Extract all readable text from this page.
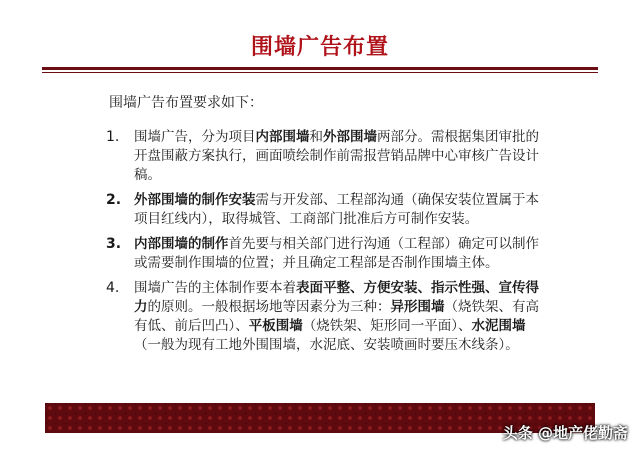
围墙广告布置
围墙广告布置要求如下：
1.	围墙广告，分为项目内部围墙和外部围墙两部分。需根据集团审批的开盘围蔽方案执行，画面喷绘制作前需报营销品牌中心审核广告设计稿。
2. 外部围墙的制作安装需与开发部、工程部沟通（确保安装位置属于本项目红线内），取得城管、工商部门批准后方可制作安装。
3. 内部围墙的制作首先要与相关部门进行沟通（工程部）确定可以制作或需要制作围墙的位置；并且确定工程部是否制作围墙主体。
4.	围墙广告的主体制作要本着表面平整、方便安装、指示性强、宣传得力的原则。一般根据场地等因素分为三种：异形围墙（烧铁架、有高有低、前后凹凸）、平板围墙（烧铁架、矩形同一平面）、水泥围墙（一般为现有工地外围围墙，水泥底、安装喷画时要压木线条）。
头条 @地产佬勤斋
